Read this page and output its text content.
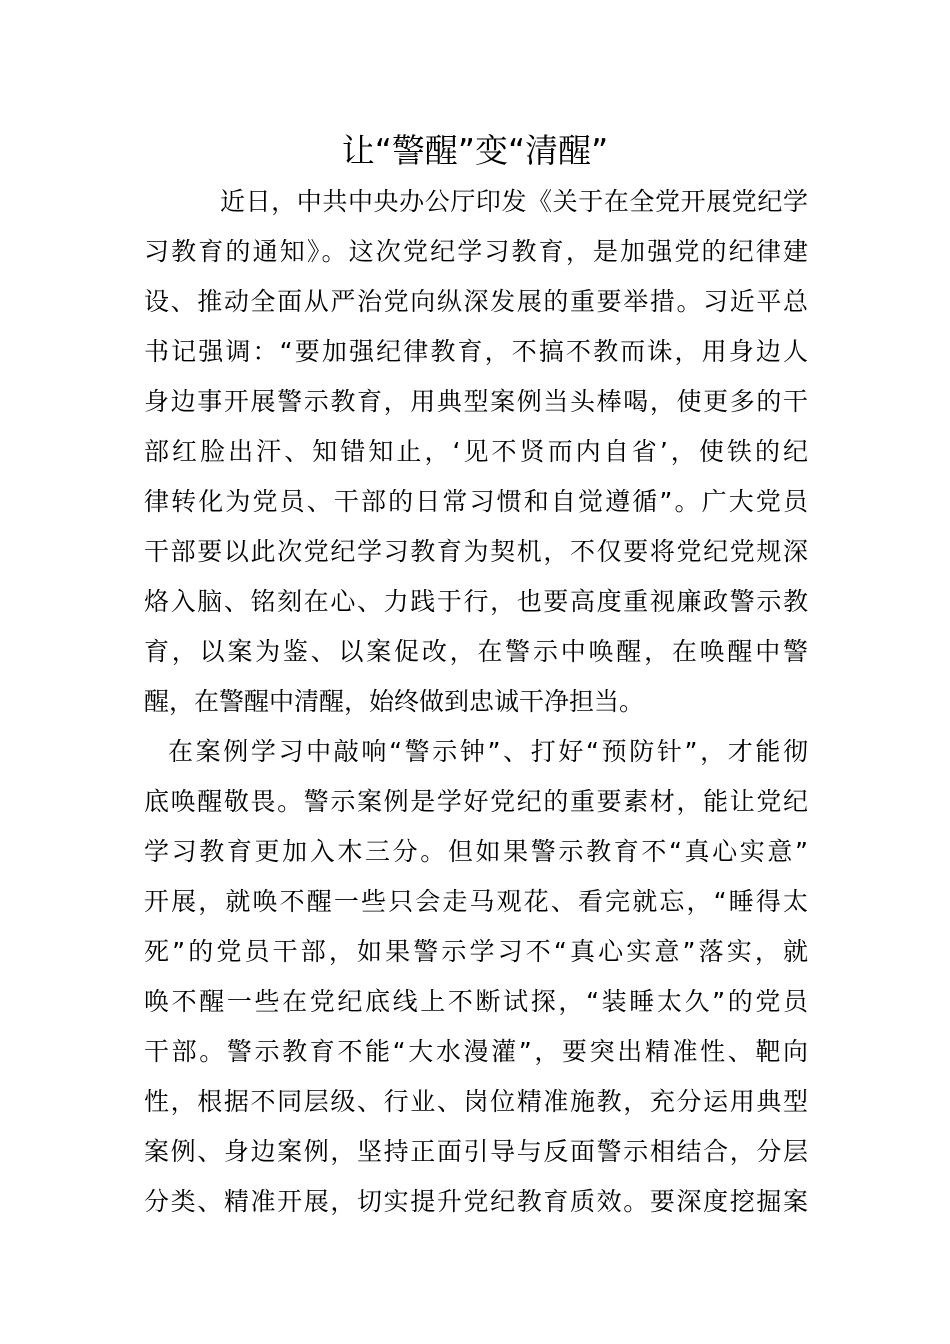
让“警醒”变“清醒”
近日，中共中央办公厅印发《关于在全党开展党纪学
习教育的通知》。这次党纪学习教育，是加强党的纪律建
设、推动全面从严治党向纵深发展的重要举措。习近平总
书记强调：“要加强纪律教育，不搞不教而诛，用身边人
身边事开展警示教育，用典型案例当头棒喝，使更多的干
部红脸出汗、知错知止，‘见不贤而内自省’，使铁的纪
律转化为党员、干部的日常习惯和自觉遵循”。广大党员
干部要以此次党纪学习教育为契机，不仅要将党纪党规深
烙入脑、铭刻在心、力践于行，也要高度重视廉政警示教
育，以案为鉴、以案促改，在警示中唤醒，在唤醒中警
醒，在警醒中清醒，始终做到忠诚干净担当。
在案例学习中敲响“警示钟”、打好“预防针”，才能彻
底唤醒敬畏。警示案例是学好党纪的重要素材，能让党纪
学习教育更加入木三分。但如果警示教育不“真心实意”
开展，就唤不醒一些只会走马观花、看完就忘，“睡得太
死”的党员干部，如果警示学习不“真心实意”落实，就
唤不醒一些在党纪底线上不断试探，“装睡太久”的党员
干部。警示教育不能“大水漫灌”，要突出精准性、靶向
性，根据不同层级、行业、岗位精准施教，充分运用典型
案例、身边案例，坚持正面引导与反面警示相结合，分层
分类、精准开展，切实提升党纪教育质效。要深度挖掘案
